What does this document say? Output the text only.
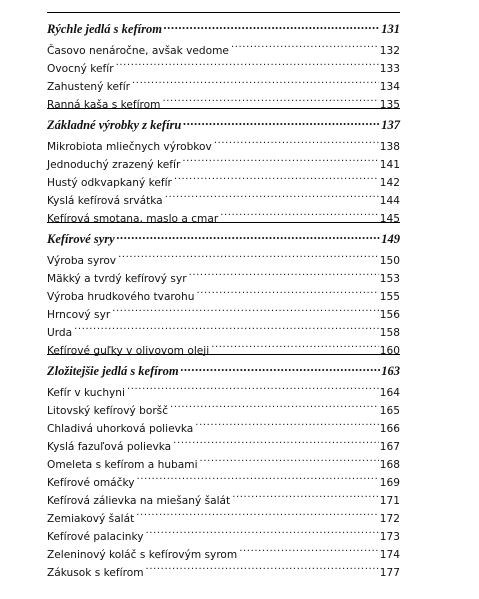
Rýchle jedlá s kefírom .....	131
Časovo nenáročne, avšak vedome .....	132
Ovocný kefír .....	133
Zahustený kefír .....	134
Ranná kaša s kefírom .....	135
Základné výrobky z kefíru .....	137
Mikrobiota mliečnych výrobkov .....	138
Jednoduchý zrazený kefír .....	141
Hustý odkvapkaný kefír .....	142
Kyslá kefírová srvátka .....	144
Kefírová smotana, maslo a cmar .....	145
Kefírové syry .....	149
Výroba syrov .....	150
Mäkký a tvrdý kefírový syr .....	153
Výroba hrudkového tvarohu .....	155
Hrncový syr .....	156
Urda .....	158
Kefírové guľky v olivovom oleji .....	160
Zložitejšie jedlá s kefírom .....	163
Kefír v kuchyni .....	164
Litovský kefírový boršč .....	165
Chladivá uhorková polievka .....	166
Kyslá fazuľová polievka .....	167
Omeleta s kefírom a hubami .....	168
Kefírové omáčky .....	169
Kefírová zálievka na miešaný šalát .....	171
Zemiakový šalát .....	172
Kefírové palacinky .....	173
Zeleninový koláč s kefírovým syrom .....	174
Zákusok s kefírom .....	177
